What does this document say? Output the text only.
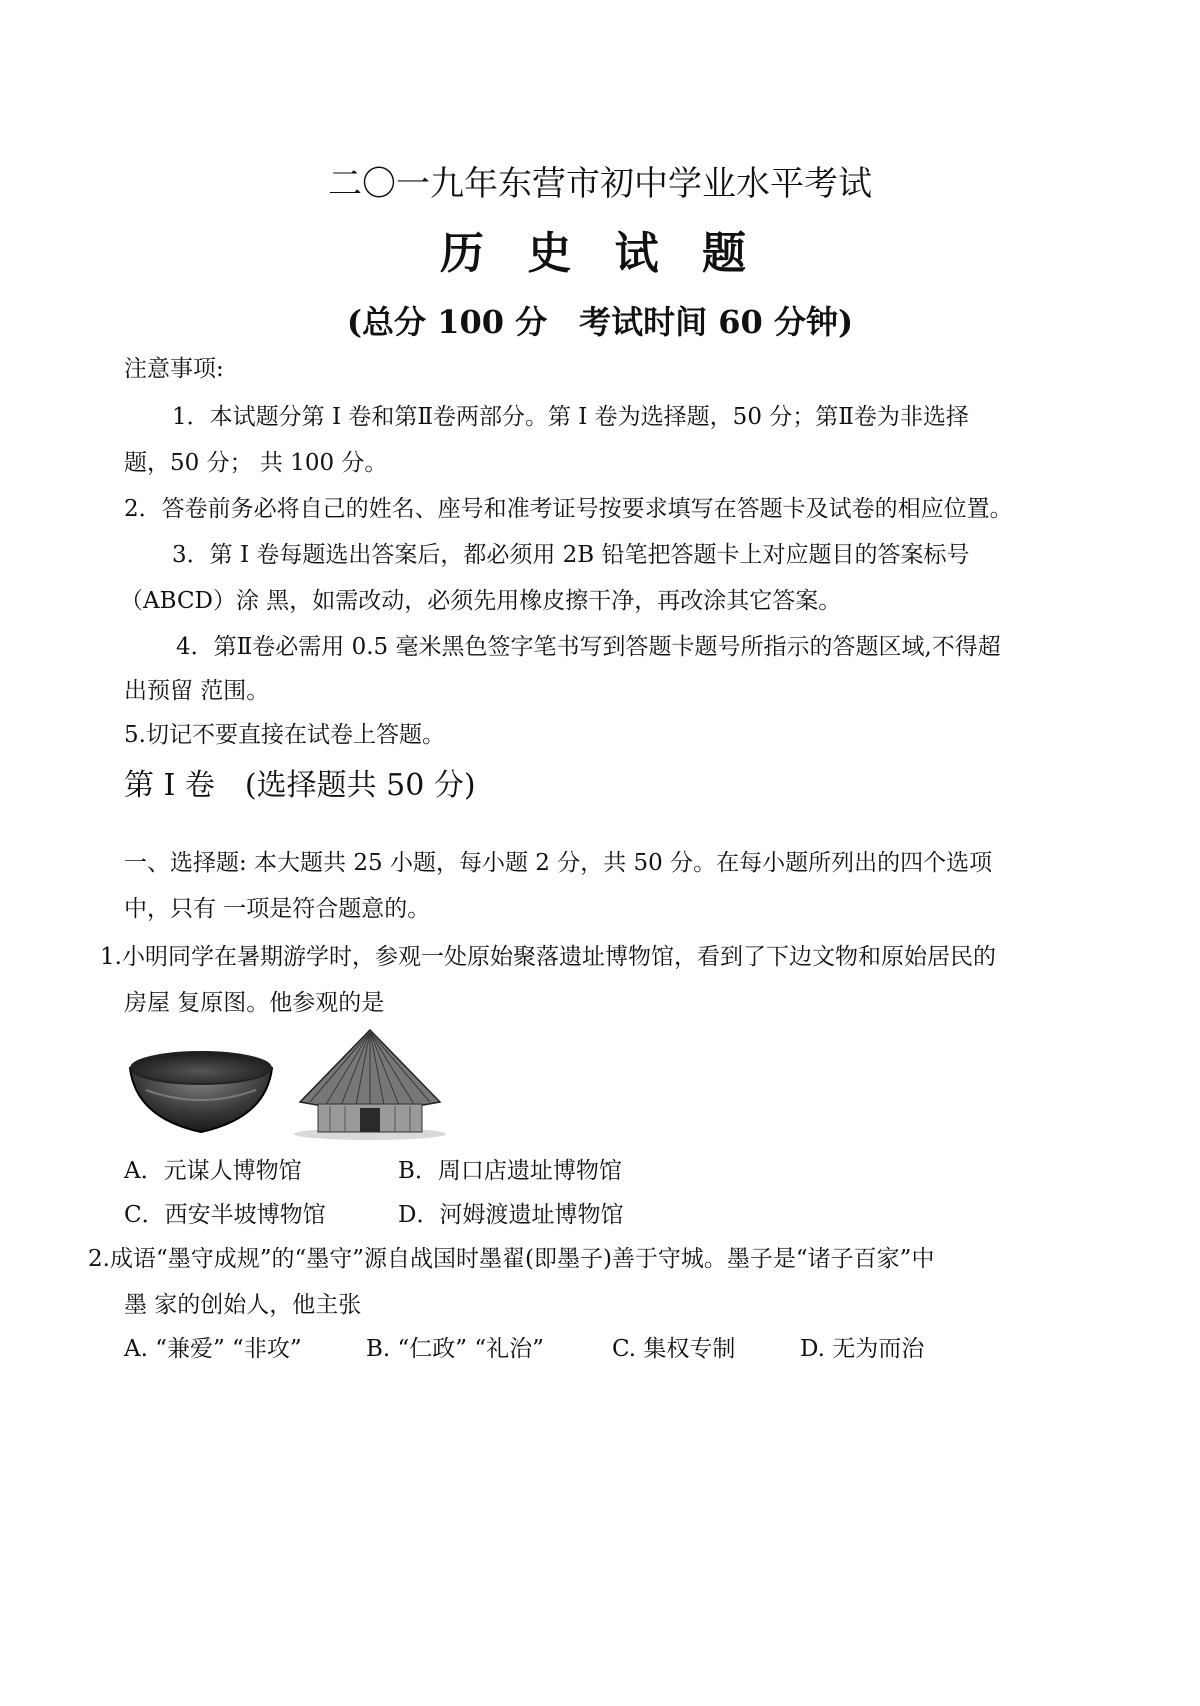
二〇一九年东营市初中学业水平考试
历 史 试 题
(总分 100 分　考试时间 60 分钟)
注意事项:
1．本试题分第 I 卷和第Ⅱ卷两部分。第 I 卷为选择题，50 分；第Ⅱ卷为非选择
题，50 分； 共 100 分。
2．答卷前务必将自己的姓名、座号和准考证号按要求填写在答题卡及试卷的相应位置。
3．第 I 卷每题选出答案后，都必须用 2B 铅笔把答题卡上对应题目的答案标号
（ABCD）涂 黑，如需改动，必须先用橡皮擦干净，再改涂其它答案。
4．第Ⅱ卷必需用 0.5 毫米黑色签字笔书写到答题卡题号所指示的答题区域,不得超
出预留 范围。
5.切记不要直接在试卷上答题。
第 I 卷　(选择题共 50 分)
一、选择题: 本大题共 25 小题，每小题 2 分，共 50 分。在每小题所列出的四个选项
中，只有 一项是符合题意的。
1.小明同学在暑期游学时，参观一处原始聚落遗址博物馆，看到了下边文物和原始居民的
房屋 复原图。他参观的是
A．元谋人博物馆	B．周口店遗址博物馆
C．西安半坡博物馆	D．河姆渡遗址博物馆
2.成语“墨守成规”的“墨守”源自战国时墨翟(即墨子)善于守城。墨子是“诸子百家”中
墨 家的创始人，他主张
A. “兼爱” “非攻”	B. “仁政” “礼治”	C. 集权专制	D. 无为而治
